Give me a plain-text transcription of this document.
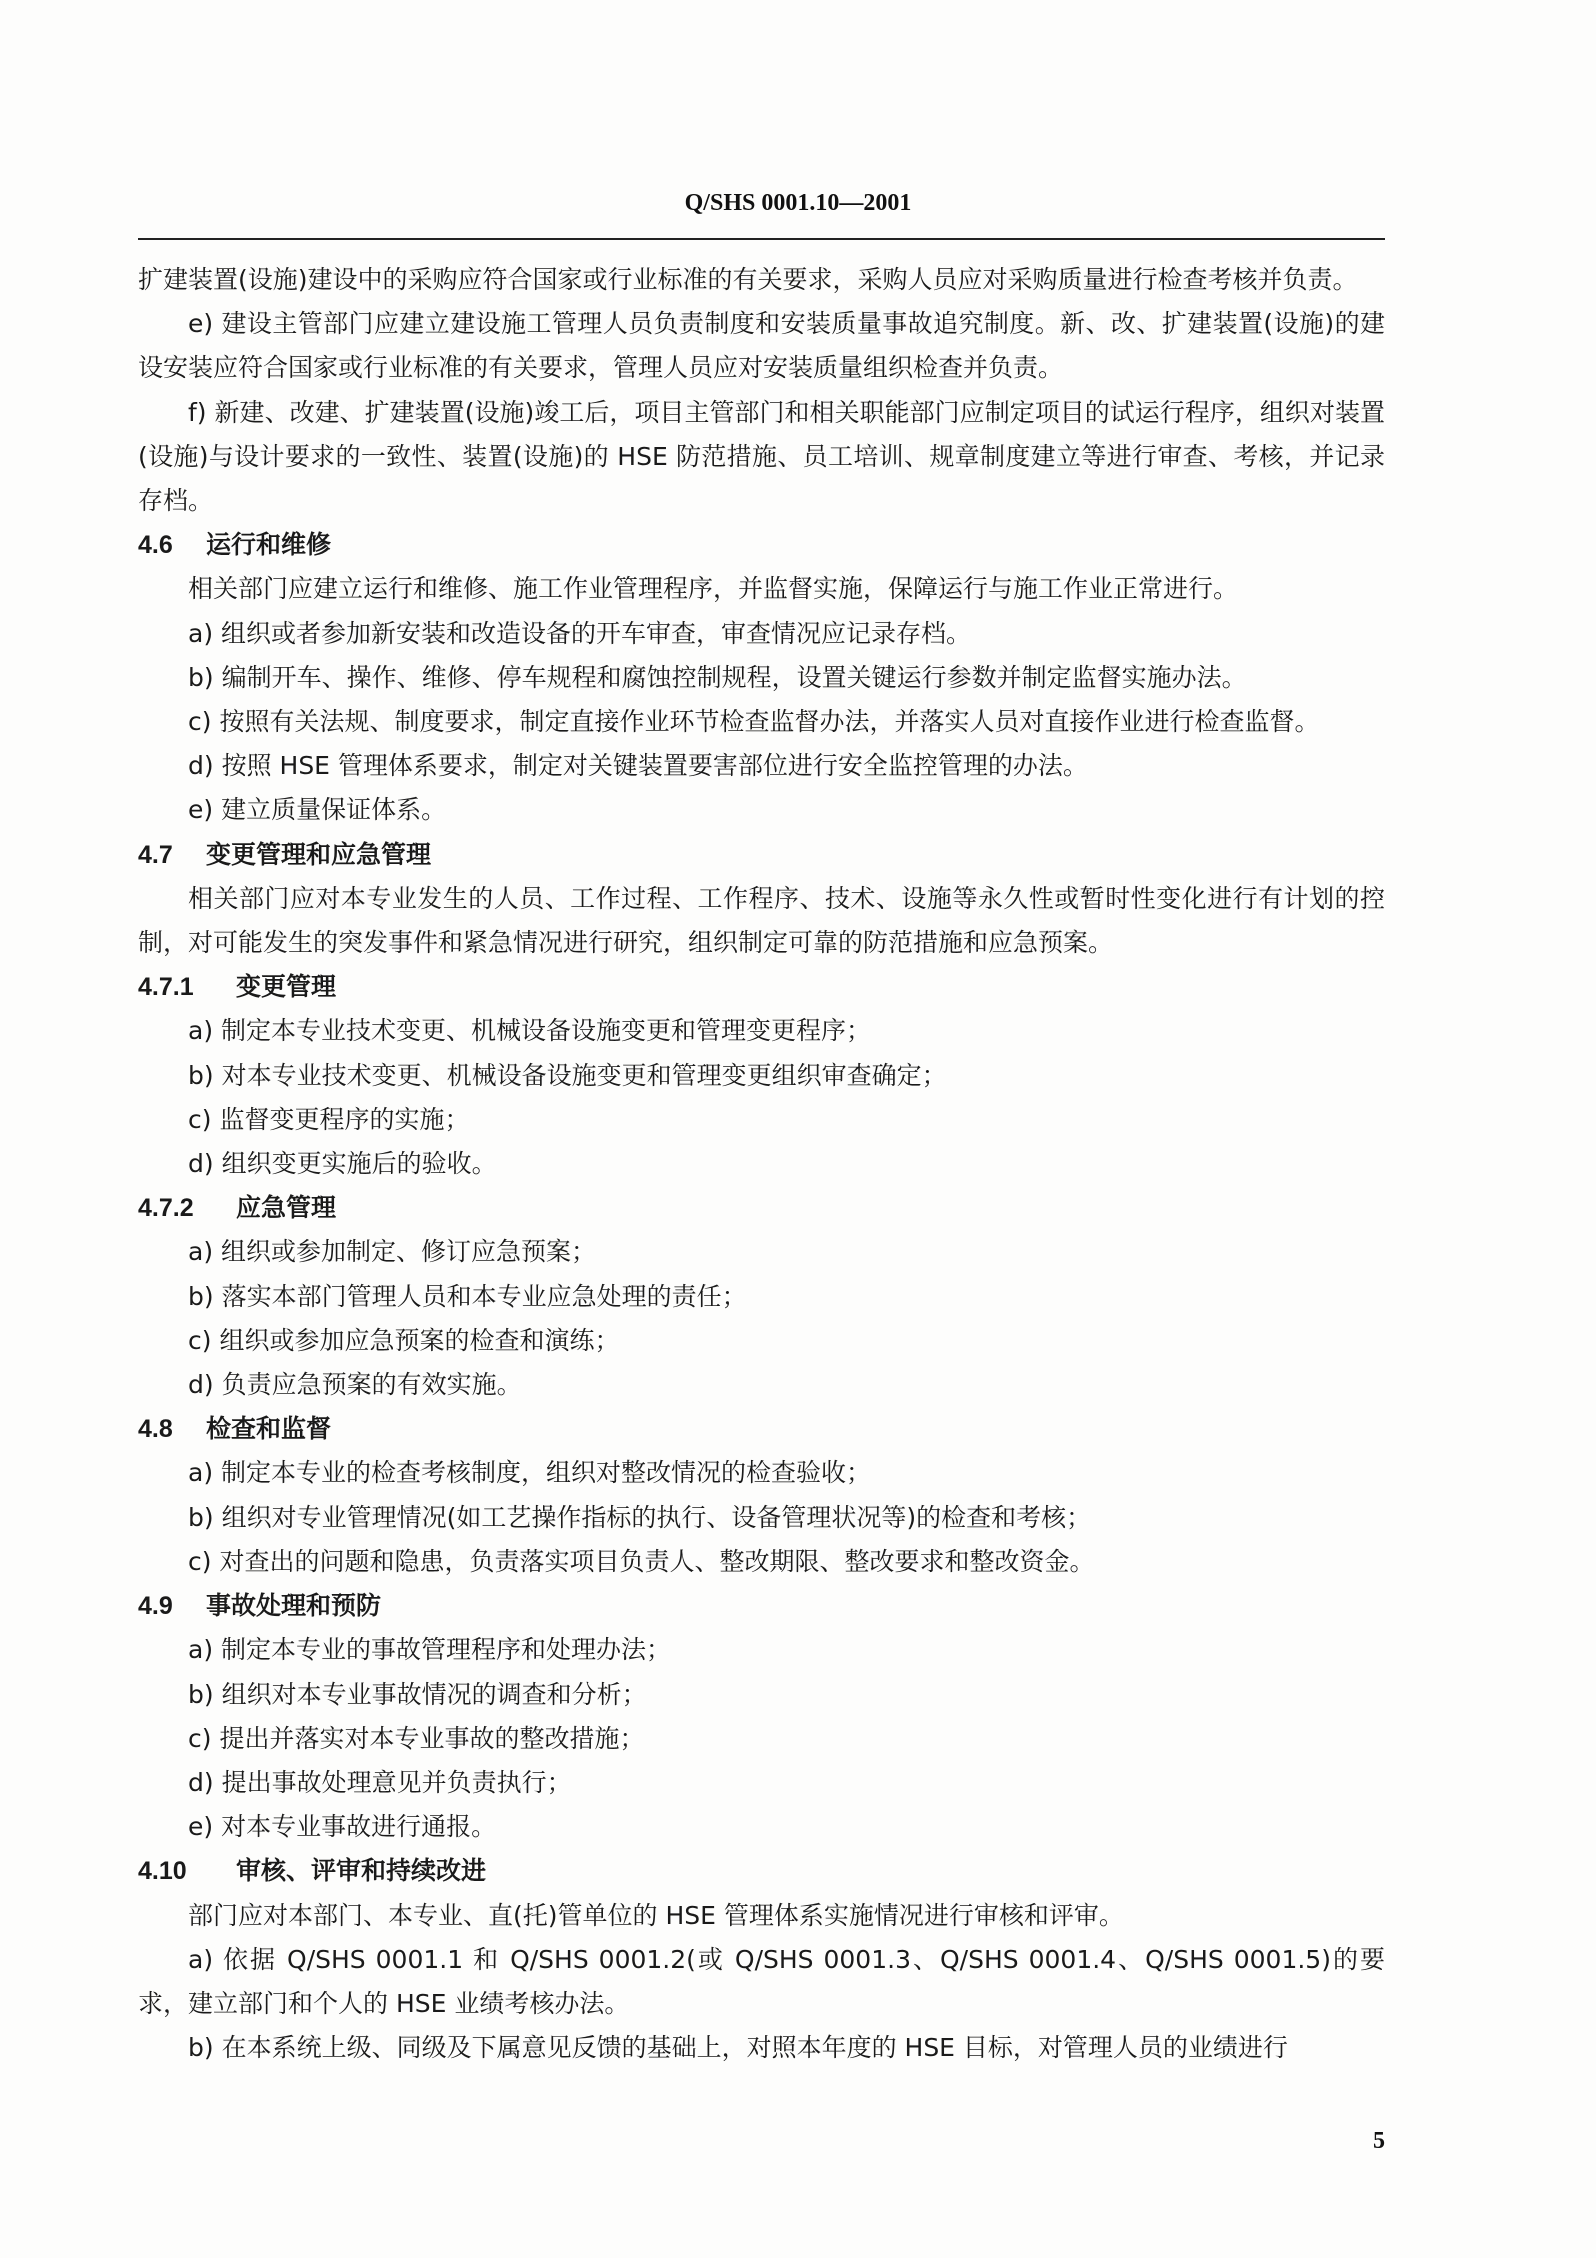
Q/SHS 0001.10—2001

扩建装置(设施)建设中的采购应符合国家或行业标准的有关要求，采购人员应对采购质量进行检查考核并负责。

e) 建设主管部门应建立建设施工管理人员负责制度和安装质量事故追究制度。新、改、扩建装置(设施)的建设安装应符合国家或行业标准的有关要求，管理人员应对安装质量组织检查并负责。

f) 新建、改建、扩建装置(设施)竣工后，项目主管部门和相关职能部门应制定项目的试运行程序，组织对装置(设施)与设计要求的一致性、装置(设施)的 HSE 防范措施、员工培训、规章制度建立等进行审查、考核，并记录存档。

4.6 运行和维修

相关部门应建立运行和维修、施工作业管理程序，并监督实施，保障运行与施工作业正常进行。

a) 组织或者参加新安装和改造设备的开车审查，审查情况应记录存档。

b) 编制开车、操作、维修、停车规程和腐蚀控制规程，设置关键运行参数并制定监督实施办法。

c) 按照有关法规、制度要求，制定直接作业环节检查监督办法，并落实人员对直接作业进行检查监督。

d) 按照 HSE 管理体系要求，制定对关键装置要害部位进行安全监控管理的办法。

e) 建立质量保证体系。

4.7 变更管理和应急管理

相关部门应对本专业发生的人员、工作过程、工作程序、技术、设施等永久性或暂时性变化进行有计划的控制，对可能发生的突发事件和紧急情况进行研究，组织制定可靠的防范措施和应急预案。

4.7.1 变更管理

a) 制定本专业技术变更、机械设备设施变更和管理变更程序；

b) 对本专业技术变更、机械设备设施变更和管理变更组织审查确定；

c) 监督变更程序的实施；

d) 组织变更实施后的验收。

4.7.2 应急管理

a) 组织或参加制定、修订应急预案；

b) 落实本部门管理人员和本专业应急处理的责任；

c) 组织或参加应急预案的检查和演练；

d) 负责应急预案的有效实施。

4.8 检查和监督

a) 制定本专业的检查考核制度，组织对整改情况的检查验收；

b) 组织对专业管理情况(如工艺操作指标的执行、设备管理状况等)的检查和考核；

c) 对查出的问题和隐患，负责落实项目负责人、整改期限、整改要求和整改资金。

4.9 事故处理和预防

a) 制定本专业的事故管理程序和处理办法；

b) 组织对本专业事故情况的调查和分析；

c) 提出并落实对本专业事故的整改措施；

d) 提出事故处理意见并负责执行；

e) 对本专业事故进行通报。

4.10 审核、评审和持续改进

部门应对本部门、本专业、直(托)管单位的 HSE 管理体系实施情况进行审核和评审。

a) 依据 Q/SHS 0001.1 和 Q/SHS 0001.2(或 Q/SHS 0001.3、Q/SHS 0001.4、Q/SHS 0001.5)的要求，建立部门和个人的 HSE 业绩考核办法。

b) 在本系统上级、同级及下属意见反馈的基础上，对照本年度的 HSE 目标，对管理人员的业绩进行

5
